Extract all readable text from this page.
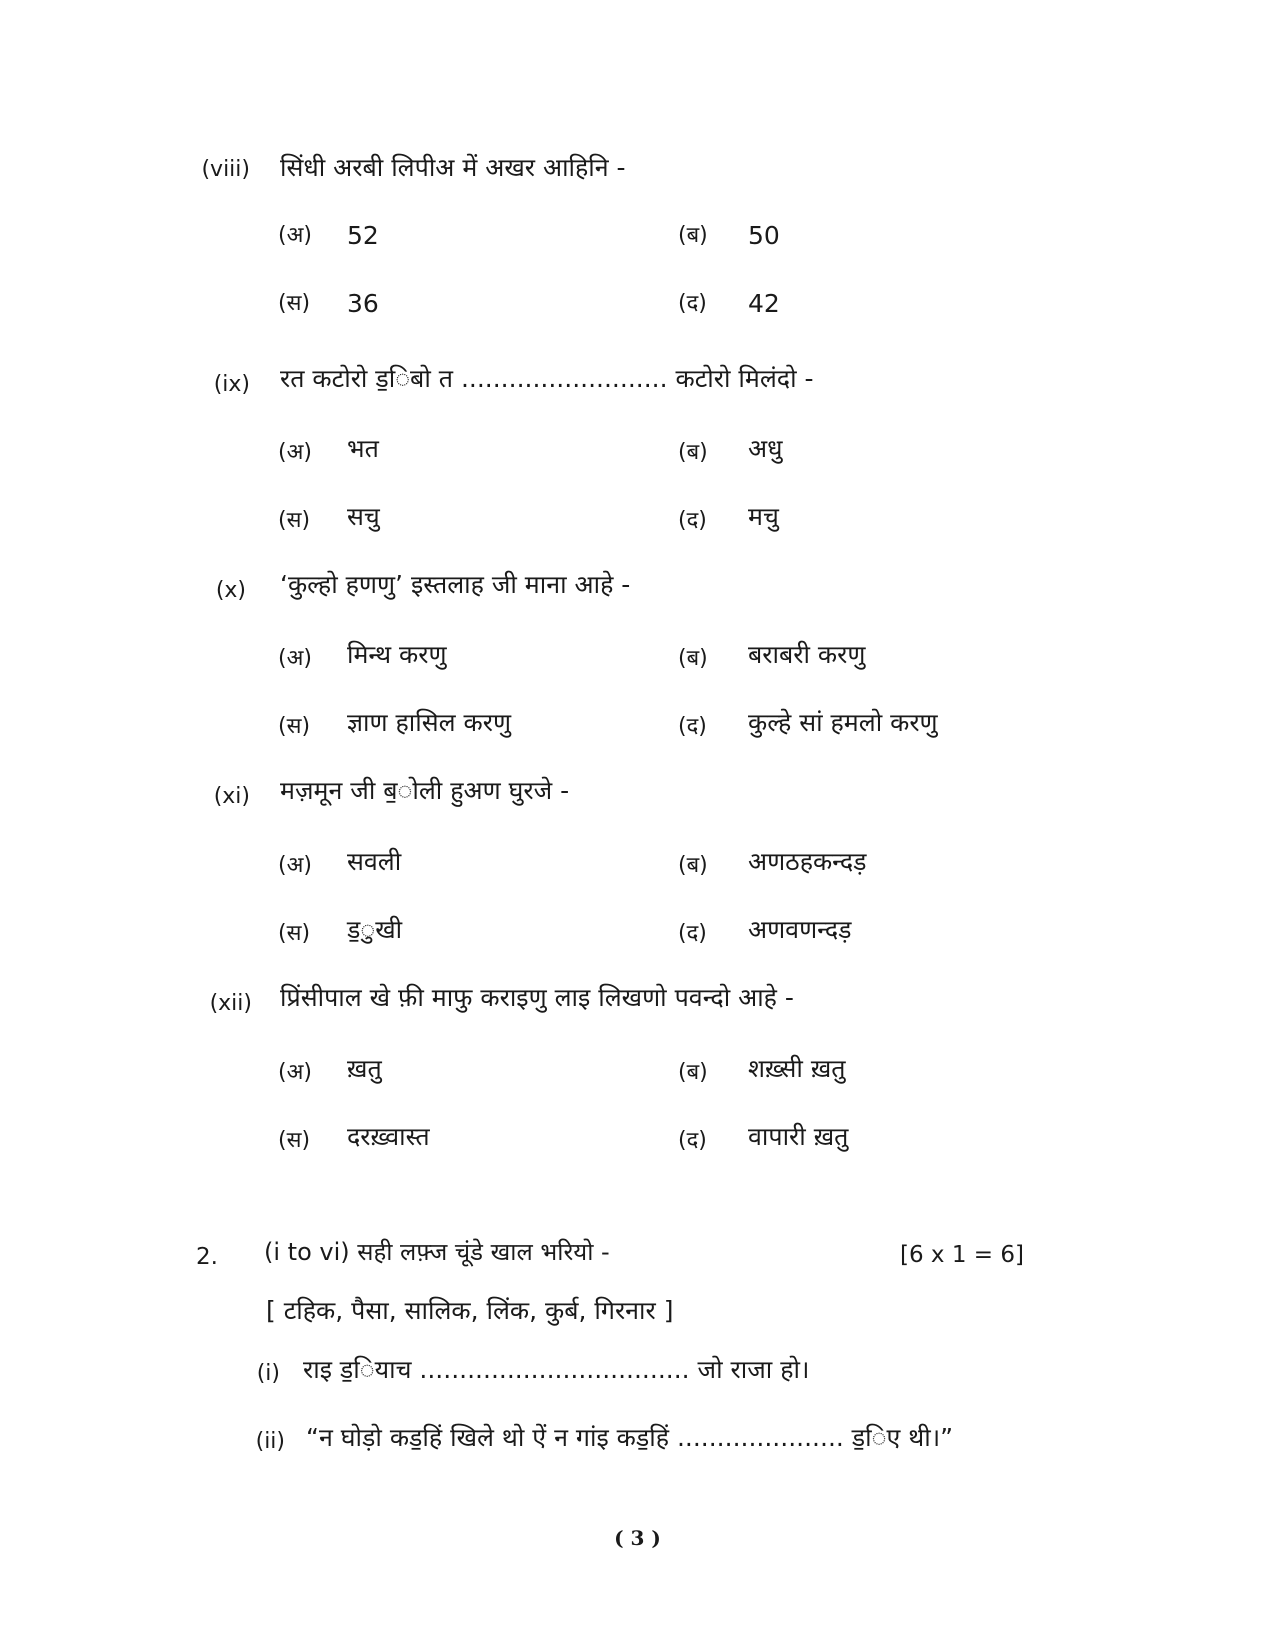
(viii) सिंधी अरबी लिपीअ में अखर आहिनि -
(अ) 52	(ब) 50
(स) 36	(द) 42
(ix) रत कटोरो ड॒िबो त .......................... कटोरो मिलंदो -
(अ) भत	(ब) अधु
(स) सचु	(द) मचु
(x) ‘कुल्हो हणणु’ इस्तलाह जी माना आहे -
(अ) मिन्थ करणु	(ब) बराबरी करणु
(स) ज्ञाण हासिल करणु	(द) कुल्हे सां हमलो करणु
(xi) मज़मून जी ब॒ोली हुअण घुरजे -
(अ) सवली	(ब) अणठहकन्दड़
(स) ड॒ुखी	(द) अणवणन्दड़
(xii) प्रिंसीपाल खे फ़ी माफु कराइणु लाइ लिखणो पवन्दो आहे -
(अ) ख़तु	(ब) शख़्सी ख़तु
(स) दरख़्वास्त	(द) वापारी ख़तु
2. (i to vi) सही लफ़्ज चूंडे खाल भरियो -	[6 x 1 = 6]
[ टहिक, पैसा, सालिक, लिंक, कुर्ब, गिरनार ]
(i) राइ ड॒ियाच .................................. जो राजा हो।
(ii) “न घोड़ो कड॒हिं खिले थो ऐं न गांइ कड॒हिं ..................... ड॒िए थी।”
( 3 )
